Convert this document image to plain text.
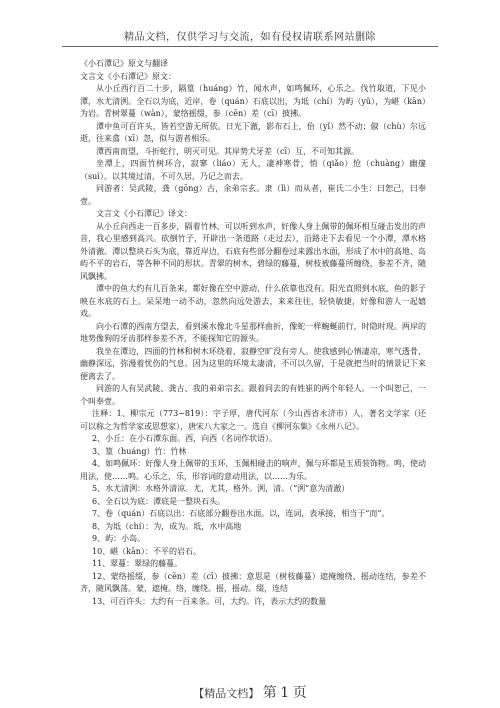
精品文档，仅供学习与交流，如有侵权请联系网站删除

《小石潭记》原文与翻译

文言文《小石潭记》原文：

从小丘西行百二十步，隔篁（huáng）竹，闻水声，如鸣佩环，心乐之。伐竹取道，下见小潭，水尤清洌。全石以为底，近岸，卷（quán）石底以出，为坻（chí）为屿（yǔ），为嵁（kān）为岩。青树翠蔓（wàn），蒙络摇缀，参（cēn）差（cī）披拂。

潭中鱼可百许头，皆若空游无所依。日光下澈，影布石上，佁（yǐ）然不动；俶（chù）尔远逝，往来翕（xī）忽，似与游者相乐。

潭西南而望，斗折蛇行，明灭可见。其岸势犬牙差（cī）互，不可知其源。

坐潭上，四面竹树环合，寂寥（liáo）无人，凄神寒骨，悄（qiǎo）怆（chuàng）幽邃（suì）。以其境过清，不可久居，乃记之而去。

同游者：吴武陵，龚（gōng）古，余弟宗玄。隶（lì）而从者，崔氏二小生：曰恕己，曰奉壹。

文言文《小石潭记》译文：

从小丘向西走一百多步，隔着竹林，可以听到水声，好像人身上佩带的佩环相互碰击发出的声音，我心里感到高兴。砍倒竹子，开辟出一条道路（走过去），沿路走下去看见一个小潭，潭水格外清澈。潭以整块石头为底，靠近岸边，石底有些部分翻卷过来露出水面，形成了水中的高地、岛屿不平的岩石，等各种不同的形状。青翠的树木，碧绿的藤蔓，树枝被藤蔓所缠绕，参差不齐，随风飘拂。

潭中的鱼大约有几百条来，都好像在空中游动，什么依靠也没有。阳光直照到水底，鱼的影子映在水底的石上。呆呆地一动不动，忽然向远处游去，来来往往，轻快敏捷，好像和游人一起嬉戏。

向小石潭的西南方望去，看到溪水像北斗星那样曲折，像蛇一样蜿蜒前行，时隐时现。两岸的地势像狗的牙齿那样参差不齐，不能探知它的源头。

我坐在潭边，四面的竹林和树木环绕着，寂静空旷没有旁人。使我感到心情凄凉，寒气透骨，幽静深远，弥漫着忧伤的气息。因为这里的环境太凄清，不可以久留，于是就把当时的情景记下来便离去了。

同游的人有吴武陵、龚古、我的弟弟宗玄。跟着同去的有姓崔的两个年轻人。一个叫恕己，一个叫奉壹。

注释：1、柳宗元（773~819）：字子厚，唐代河东（今山西省永济市）人，著名文学家（还可以称之为哲学家或思想家），唐宋八大家之一。选自《柳河东集》《永州八记》。

2、小丘：在小石潭东面。西，向西（名词作状语）。

3、篁（huáng）竹：竹林

4、如鸣佩环：好像人身上佩带的玉环，玉佩相碰击的响声，佩与环都是玉质装饰物。鸣，使动用法，使……鸣。心乐之，乐，形容词的意动用法，以……为乐。

5、水尤清洌：水格外清凉。尤，尤其，格外。洌，清。（“洌”意为清澈）

6、全石以为底：潭底是一整块石头。

7、卷（quán）石底以出：石底部分翻卷出水面。以，连词，表承接，相当于“而”。

8、为坻（chí）：为，成为。坻，水中高地

9、屿：小岛。

10、嵁（kān）：不平的岩石。

11、翠蔓：翠绿的藤蔓。

12、蒙络摇缀，参（cēn）差（cī）披拂：意思是（树枝藤蔓）遮掩缠绕、摇动连结，参差不齐，随风飘荡。蒙，遮掩。络，缠绕。摇，摇动。缀，连结

13、可百许头：大约有一百来条。可，大约。许，表示大约的数量

【精品文档】 第 1 页
